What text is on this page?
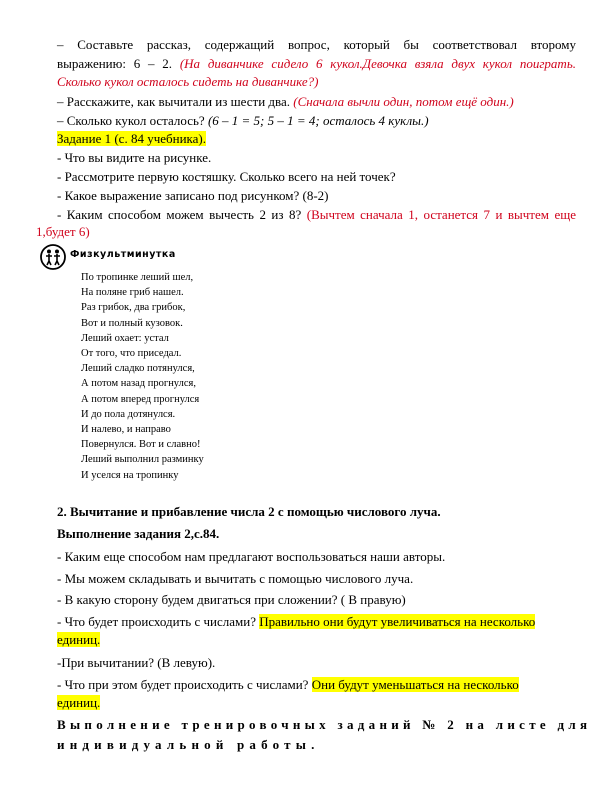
– Составьте рассказ, содержащий вопрос, который бы соответствовал второму
выражению: 6 – 2. (На диванчике сидело 6 кукол.Девочка взяла двух кукол поиграть.
Сколько кукол осталось сидеть на диванчике?)
– Расскажите, как вычитали из шести два. (Сначала вычли один, потом ещё один.)
– Сколько кукол осталось? (6 – 1 = 5; 5 – 1 = 4; осталось 4 куклы.)
Задание 1 (с. 84 учебника).
- Что вы видите на рисунке.
- Рассмотрите первую костяшку. Сколько всего на ней точек?
- Какое выражение записано под рисунком? (8-2)
- Каким способом можем вычесть 2 из 8? (Вычтем сначала 1, останется 7 и вычтем еще
1,будет 6)
Физкультминутка
По тропинке леший шел,
На поляне гриб нашел.
Раз грибок, два грибок,
Вот и полный кузовок.
Леший охает: устал
От того, что приседал.
Леший сладко потянулся,
А потом назад прогнулся,
А потом вперед прогнулся
И до пола дотянулся.
И налево, и направо
Повернулся. Вот и славно!
Леший выполнил разминку
И уселся на тропинку
2. Вычитание и прибавление числа 2 с помощью числового луча.
Выполнение задания 2,с.84.
- Каким еще способом нам предлагают воспользоваться наши авторы.
- Мы можем складывать и вычитать с помощью числового луча.
- В какую сторону будем двигаться при сложении? ( В правую)
- Что будет происходить с числами? Правильно они будут увеличиваться на несколько
единиц.
-При вычитании? (В левую).
- Что при этом будет происходить с числами? Они будут уменьшаться на несколько
единиц.
Выполнение тренировочных заданий № 2 на листе для
индивидуальной работы.
